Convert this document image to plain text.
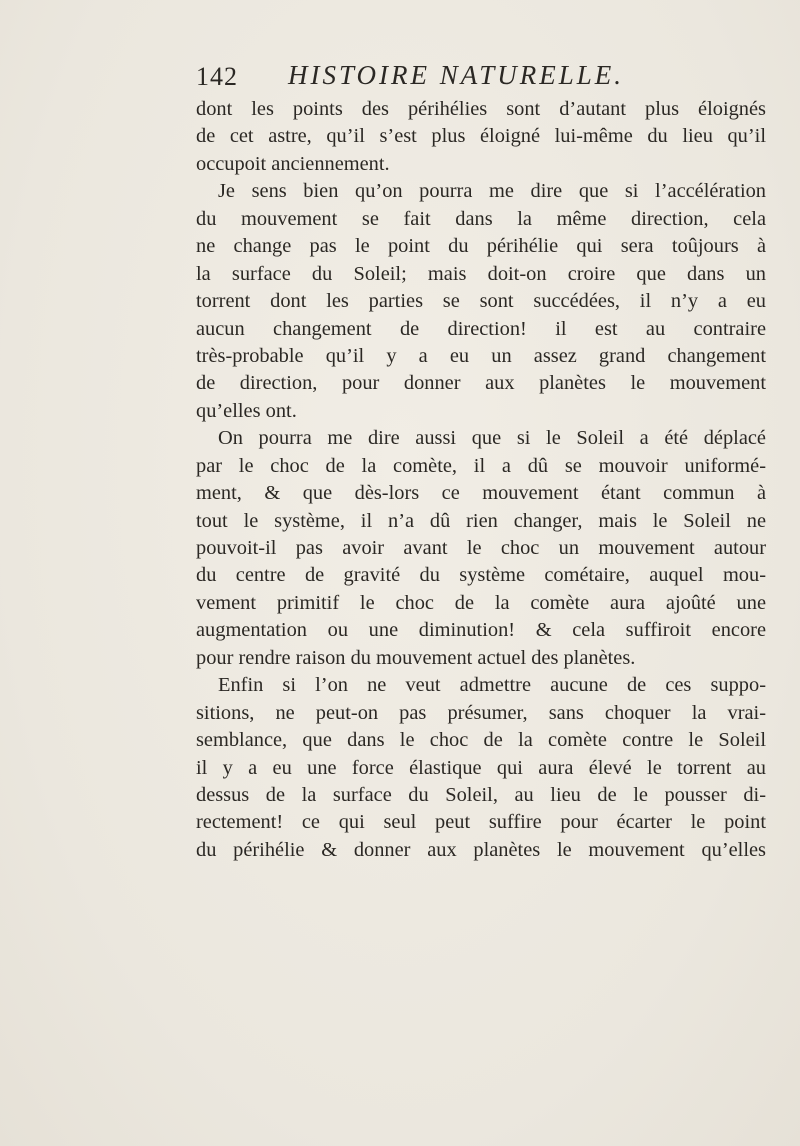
142 HISTOIRE NATURELLE.
dont les points des périhélies sont d’autant plus éloignés
de cet astre, qu’il s’est plus éloigné lui-même du lieu qu’il
occupoit anciennement.
Je sens bien qu’on pourra me dire que si l’accélération
du mouvement se fait dans la même direction, cela
ne change pas le point du périhélie qui sera toûjours à
la surface du Soleil; mais doit-on croire que dans un
torrent dont les parties se sont succédées, il n’y a eu
aucun changement de direction! il est au contraire
très-probable qu’il y a eu un assez grand changement
de direction, pour donner aux planètes le mouvement
qu’elles ont.
On pourra me dire aussi que si le Soleil a été déplacé
par le choc de la comète, il a dû se mouvoir uniformé-
ment, & que dès-lors ce mouvement étant commun à
tout le système, il n’a dû rien changer, mais le Soleil ne
pouvoit-il pas avoir avant le choc un mouvement autour
du centre de gravité du système cométaire, auquel mou-
vement primitif le choc de la comète aura ajoûté une
augmentation ou une diminution! & cela suffiroit encore
pour rendre raison du mouvement actuel des planètes.
Enfin si l’on ne veut admettre aucune de ces suppo-
sitions, ne peut-on pas présumer, sans choquer la vrai-
semblance, que dans le choc de la comète contre le Soleil
il y a eu une force élastique qui aura élevé le torrent au
dessus de la surface du Soleil, au lieu de le pousser di-
rectement! ce qui seul peut suffire pour écarter le point
du périhélie & donner aux planètes le mouvement qu’elles
